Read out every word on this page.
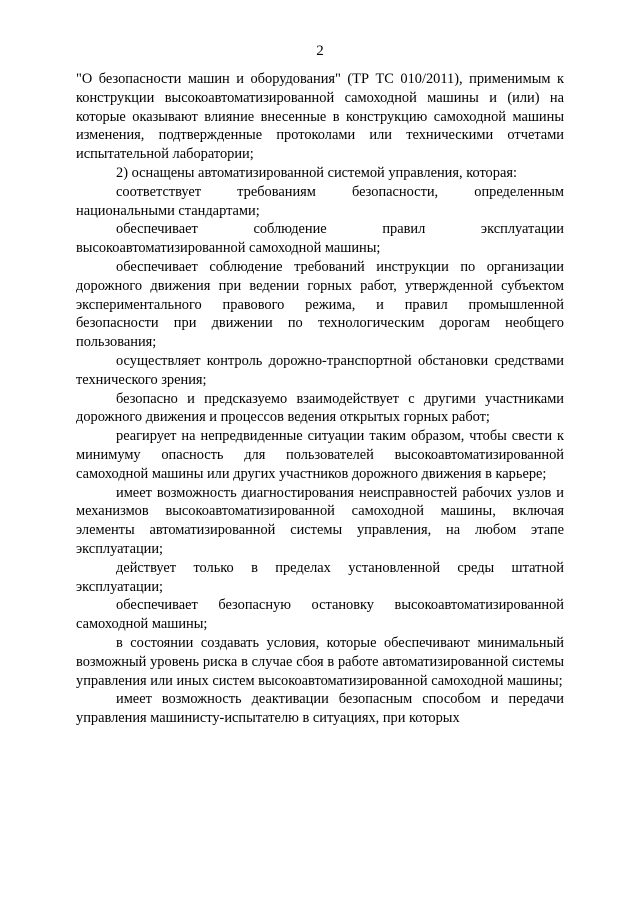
2

"О безопасности машин и оборудования" (ТР ТС 010/2011), применимым к конструкции высокоавтоматизированной самоходной машины и (или) на которые оказывают влияние внесенные в конструкцию самоходной машины изменения, подтвержденные протоколами или техническими отчетами испытательной лаборатории;

2) оснащены автоматизированной системой управления, которая:

соответствует требованиям безопасности, определенным национальными стандартами;

обеспечивает соблюдение правил эксплуатации высокоавтоматизированной самоходной машины;

обеспечивает соблюдение требований инструкции по организации дорожного движения при ведении горных работ, утвержденной субъектом экспериментального правового режима, и правил промышленной безопасности при движении по технологическим дорогам необщего пользования;

осуществляет контроль дорожно-транспортной обстановки средствами технического зрения;

безопасно и предсказуемо взаимодействует с другими участниками дорожного движения и процессов ведения открытых горных работ;

реагирует на непредвиденные ситуации таким образом, чтобы свести к минимуму опасность для пользователей высокоавтоматизированной самоходной машины или других участников дорожного движения в карьере;

имеет возможность диагностирования неисправностей рабочих узлов и механизмов высокоавтоматизированной самоходной машины, включая элементы автоматизированной системы управления, на любом этапе эксплуатации;

действует только в пределах установленной среды штатной эксплуатации;

обеспечивает безопасную остановку высокоавтоматизированной самоходной машины;

в состоянии создавать условия, которые обеспечивают минимальный возможный уровень риска в случае сбоя в работе автоматизированной системы управления или иных систем высокоавтоматизированной самоходной машины;

имеет возможность деактивации безопасным способом и передачи управления машинисту-испытателю в ситуациях, при которых
